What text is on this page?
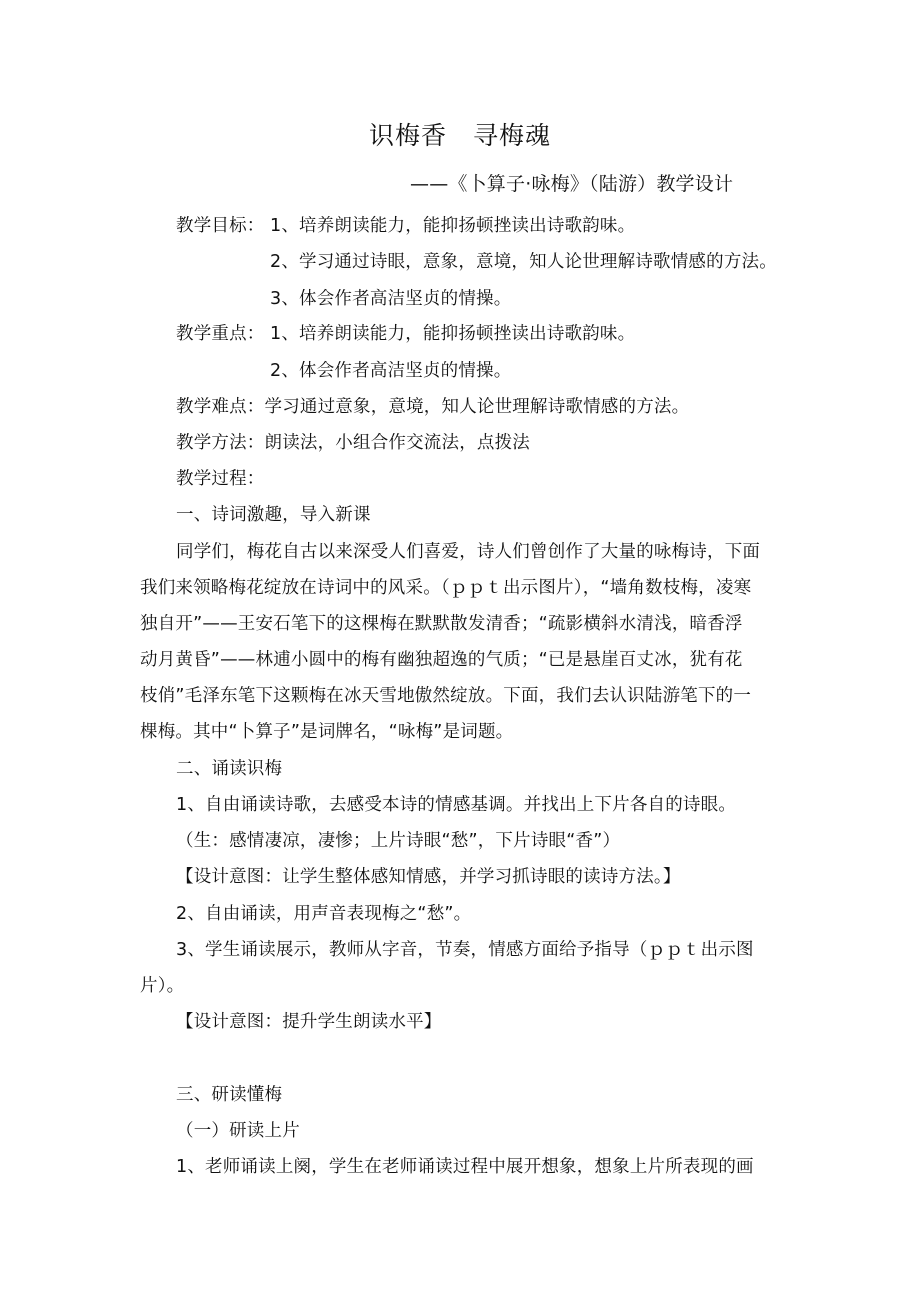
识梅香　寻梅魂
——《卜算子·咏梅》（陆游）教学设计
教学目标： 1、培养朗读能力，能抑扬顿挫读出诗歌韵味。
2、学习通过诗眼，意象，意境，知人论世理解诗歌情感的方法。
3、体会作者高洁坚贞的情操。
教学重点： 1、培养朗读能力，能抑扬顿挫读出诗歌韵味。
2、体会作者高洁坚贞的情操。
教学难点：学习通过意象，意境，知人论世理解诗歌情感的方法。
教学方法：朗读法，小组合作交流法，点拨法
教学过程：
一、诗词激趣，导入新课
同学们，梅花自古以来深受人们喜爱，诗人们曾创作了大量的咏梅诗，下面
我们来领略梅花绽放在诗词中的风采。（ｐｐｔ出示图片），“墙角数枝梅，凌寒
独自开”——王安石笔下的这棵梅在默默散发清香；“疏影横斜水清浅，暗香浮
动月黄昏”——林逋小圆中的梅有幽独超逸的气质；“已是悬崖百丈冰，犹有花
枝俏”毛泽东笔下这颗梅在冰天雪地傲然绽放。下面，我们去认识陆游笔下的一
棵梅。其中“卜算子”是词牌名，“咏梅”是词题。
二、诵读识梅
1、自由诵读诗歌，去感受本诗的情感基调。并找出上下片各自的诗眼。
（生：感情凄凉，凄惨；上片诗眼“愁”，下片诗眼“香”）
【设计意图：让学生整体感知情感，并学习抓诗眼的读诗方法。】
2、自由诵读，用声音表现梅之“愁”。
3、学生诵读展示，教师从字音，节奏，情感方面给予指导（ｐｐｔ出示图
片）。
【设计意图：提升学生朗读水平】
三、研读懂梅
（一）研读上片
1、老师诵读上阕，学生在老师诵读过程中展开想象，想象上片所表现的画
